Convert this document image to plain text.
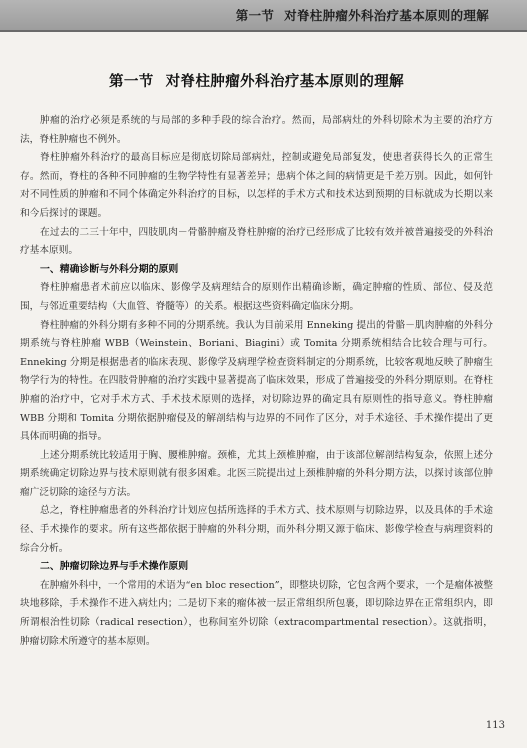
第一节 对脊柱肿瘤外科治疗基本原则的理解
第一节 对脊柱肿瘤外科治疗基本原则的理解

肿瘤的治疗必须是系统的与局部的多种手段的综合治疗。然而，局部病灶的外科切除术为主要的治疗方法，脊柱肿瘤也不例外。

脊柱肿瘤外科治疗的最高目标应是彻底切除局部病灶，控制或避免局部复发，使患者获得长久的正常生存。然而，脊柱的各种不同肿瘤的生物学特性有显著差异；患病个体之间的病情更是千差万别。因此，如何针对不同性质的肿瘤和不同个体确定外科治疗的目标，以怎样的手术方式和技术达到预期的目标就成为长期以来和今后探讨的课题。

在过去的二三十年中，四肢肌肉－骨骼肿瘤及脊柱肿瘤的治疗已经形成了比较有效并被普遍接受的外科治疗基本原则。

一、精确诊断与外科分期的原则

脊柱肿瘤患者术前应以临床、影像学及病理结合的原则作出精确诊断，确定肿瘤的性质、部位、侵及范围，与邻近重要结构（大血管、脊髓等）的关系。根据这些资料确定临床分期。

脊柱肿瘤的外科分期有多种不同的分期系统。我认为目前采用 Enneking 提出的骨骼－肌肉肿瘤的外科分期系统与脊柱肿瘤 WBB（Weinstein、Boriani、Biagini）或 Tomita 分期系统相结合比较合理与可行。Enneking 分期是根据患者的临床表现、影像学及病理学检查资料制定的分期系统，比较客观地反映了肿瘤生物学行为的特性。在四肢骨肿瘤的治疗实践中显著提高了临床效果，形成了普遍接受的外科分期原则。在脊柱肿瘤的治疗中，它对手术方式、手术技术原则的选择，对切除边界的确定具有原则性的指导意义。脊柱肿瘤 WBB 分期和 Tomita 分期依据肿瘤侵及的解剖结构与边界的不同作了区分，对手术途径、手术操作提出了更具体而明确的指导。

上述分期系统比较适用于胸、腰椎肿瘤。颈椎，尤其上颈椎肿瘤，由于该部位解剖结构复杂，依照上述分期系统确定切除边界与技术原则就有很多困难。北医三院提出过上颈椎肿瘤的外科分期方法，以探讨该部位肿瘤广泛切除的途径与方法。

总之，脊柱肿瘤患者的外科治疗计划应包括所选择的手术方式、技术原则与切除边界，以及具体的手术途径、手术操作的要求。所有这些都依据于肿瘤的外科分期，而外科分期又源于临床、影像学检查与病理资料的综合分析。

二、肿瘤切除边界与手术操作原则

在肿瘤外科中，一个常用的术语为“en bloc resection”，即整块切除，它包含两个要求，一个是瘤体被整块地移除，手术操作不进入病灶内；二是切下来的瘤体被一层正常组织所包裹，即切除边界在正常组织内，即所谓根治性切除（radical resection），也称间室外切除（extracompartmental resection）。这就指明，肿瘤切除术所遵守的基本原则。

113
